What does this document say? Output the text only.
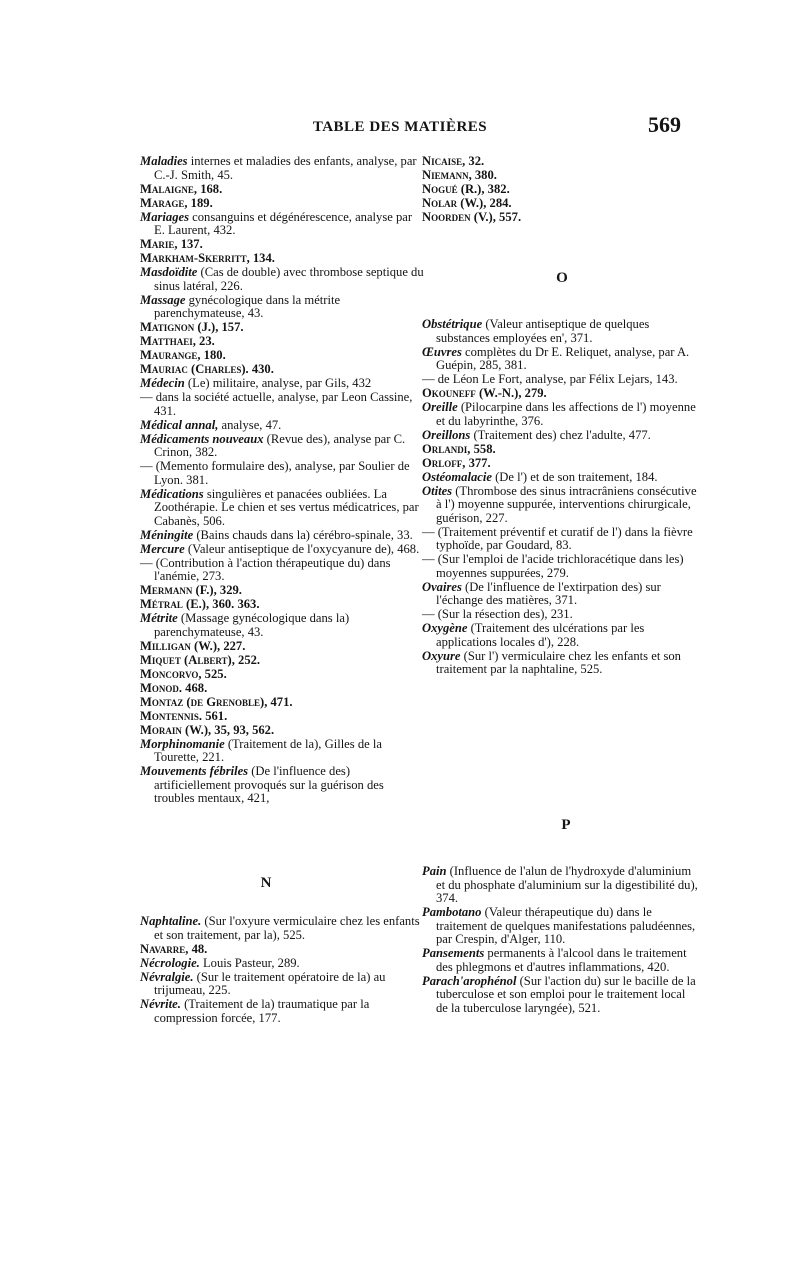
TABLE DES MATIÈRES	569
Maladies internes et maladies des enfants, analyse, par C.-J. Smith, 45.
Malaigne, 168.
Marage, 189.
Mariages consanguins et dégénérescence, analyse par E. Laurent, 432.
Marie, 137.
Markham-Skerritt, 134.
Masdoïdite (Cas de double) avec thrombose septique du sinus latéral, 226.
Massage gynécologique dans la métrite parenchymateuse, 43.
Matignon (J.), 157.
Matthaei, 23.
Maurange, 180.
Mauriac (Charles). 430.
Médecin (Le) militaire, analyse, par Gils, 432
— dans la société actuelle, analyse, par Leon Cassine, 431.
Médical annal, analyse, 47.
Médicaments nouveaux (Revue des), analyse par C. Crinon, 382.
— (Memento formulaire des), analyse, par Soulier de Lyon. 381.
Médications singulières et panacées oubliées. La Zoothérapie. Le chien et ses vertus médicatrices, par Cabanès, 506.
Méningite (Bains chauds dans la) cérébro-spinale, 33.
Mercure (Valeur antiseptique de l'oxycyanure de), 468.
— (Contribution à l'action thérapeutique du) dans l'anémie, 273.
Mermann (F.), 329.
Métral (E.), 360. 363.
Métrite (Massage gynécologique dans la) parenchymateuse, 43.
Milligan (W.), 227.
Miquet (Albert), 252.
Moncorvo, 525.
Monod. 468.
Montaz (de Grenoble), 471.
Montennis. 561.
Morain (W.), 35, 93, 562.
Morphinomanie (Traitement de la), Gilles de la Tourette, 221.
Mouvements fébriles (De l'influence des) artificiellement provoqués sur la guérison des troubles mentaux, 421,
Nicaise, 32.
Niemann, 380.
Nogué (R.), 382.
Nolar (W.), 284.
Noorden (V.), 557.
O
Obstétrique (Valeur antiseptique de quelques substances employées en', 371.
Œuvres complètes du Dr E. Reliquet, analyse, par A. Guépin, 285, 381.
— de Léon Le Fort, analyse, par Félix Lejars, 143.
Okouneff (W.-N.), 279.
Oreille (Pilocarpine dans les affections de l') moyenne et du labyrinthe, 376.
Oreillons (Traitement des) chez l'adulte, 477.
Orlandi, 558.
Orloff, 377.
Ostéomalacie (De l') et de son traitement, 184.
Otites (Thrombose des sinus intracrâniens consécutive à l') moyenne suppurée, interventions chirurgicale, guérison, 227.
— (Traitement préventif et curatif de l') dans la fièvre typhoïde, par Goudard, 83.
— (Sur l'emploi de l'acide trichloracétique dans les) moyennes suppurées, 279.
Ovaires (De l'influence de l'extirpation des) sur l'échange des matières, 371.
— (Sur la résection des), 231.
Oxygène (Traitement des ulcérations par les applications locales d'), 228.
Oxyure (Sur l') vermiculaire chez les enfants et son traitement par la naphtaline, 525.
N
Naphtaline. (Sur l'oxyure vermiculaire chez les enfants et son traitement, par la), 525.
Navarre, 48.
Nécrologie. Louis Pasteur, 289.
Névralgie. (Sur le traitement opératoire de la) au trijumeau, 225.
Névrite. (Traitement de la) traumatique par la compression forcée, 177.
P
Pain (Influence de l'alun de l'hydroxyde d'aluminium et du phosphate d'aluminium sur la digestibilité du), 374.
Pambotano (Valeur thérapeutique du) dans le traitement de quelques manifestations paludéennes, par Crespin, d'Alger, 110.
Pansements permanents à l'alcool dans le traitement des phlegmons et d'autres inflammations, 420.
Parach'arophénol (Sur l'action du) sur le bacille de la tuberculose et son emploi pour le traitement local de la tuberculose laryngée), 521.
